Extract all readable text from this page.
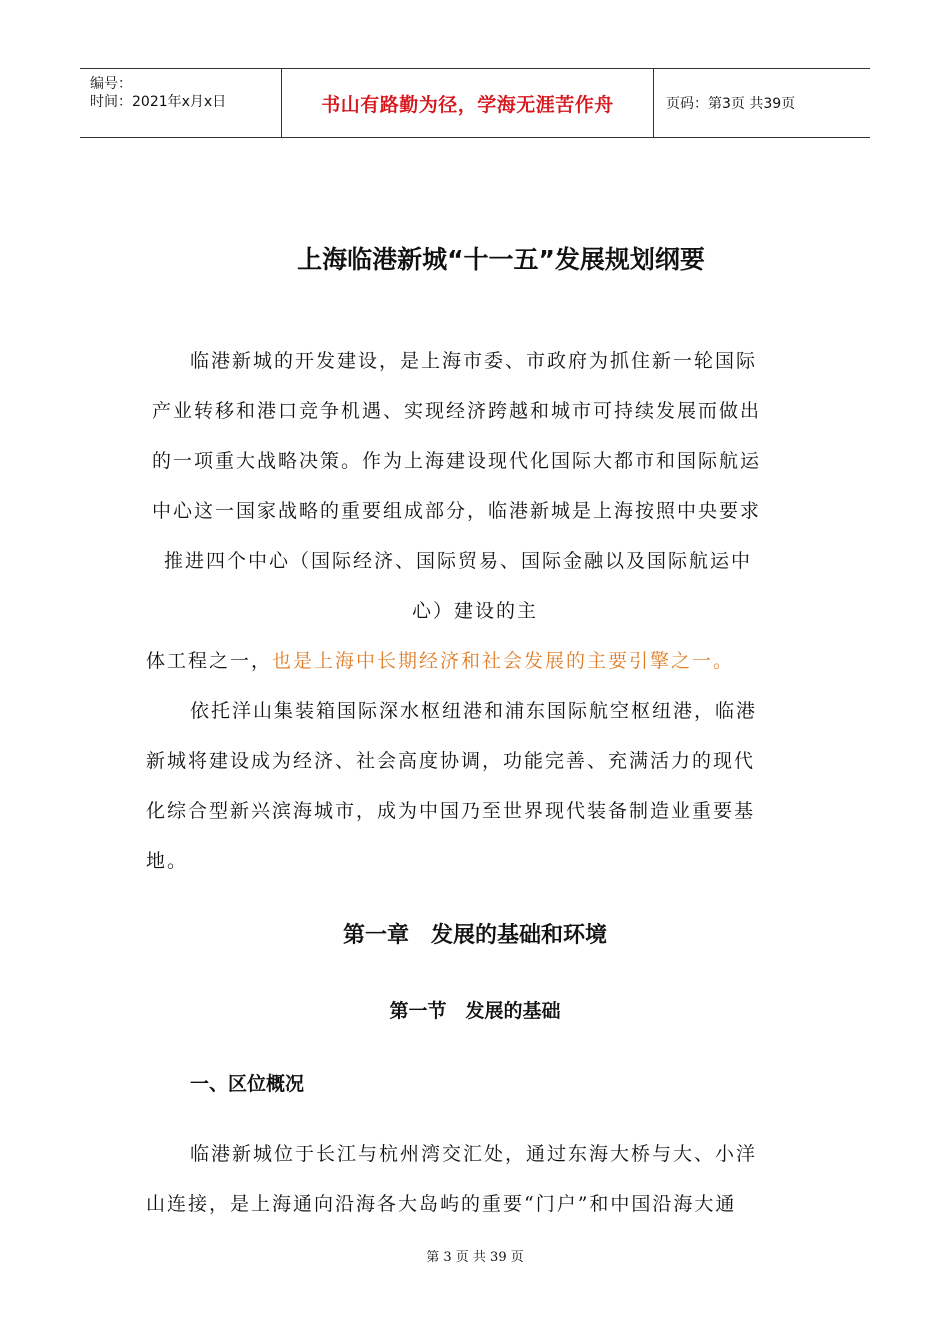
编号：
时间：2021年x月x日	书山有路勤为径，学海无涯苦作舟	页码：第3页 共39页
上海临港新城“十一五”发展规划纲要
临港新城的开发建设，是上海市委、市政府为抓住新一轮国际
产业转移和港口竞争机遇、实现经济跨越和城市可持续发展而做出
的一项重大战略决策。作为上海建设现代化国际大都市和国际航运
中心这一国家战略的重要组成部分，临港新城是上海按照中央要求
推进四个中心（国际经济、国际贸易、国际金融以及国际航运中
心）建设的主
体工程之一，也是上海中长期经济和社会发展的主要引擎之一。
依托洋山集装箱国际深水枢纽港和浦东国际航空枢纽港，临港
新城将建设成为经济、社会高度协调，功能完善、充满活力的现代
化综合型新兴滨海城市，成为中国乃至世界现代装备制造业重要基
地。
第一章　发展的基础和环境
第一节　发展的基础
一、区位概况
临港新城位于长江与杭州湾交汇处，通过东海大桥与大、小洋
山连接，是上海通向沿海各大岛屿的重要“门户”和中国沿海大通
第 3 页 共 39 页
